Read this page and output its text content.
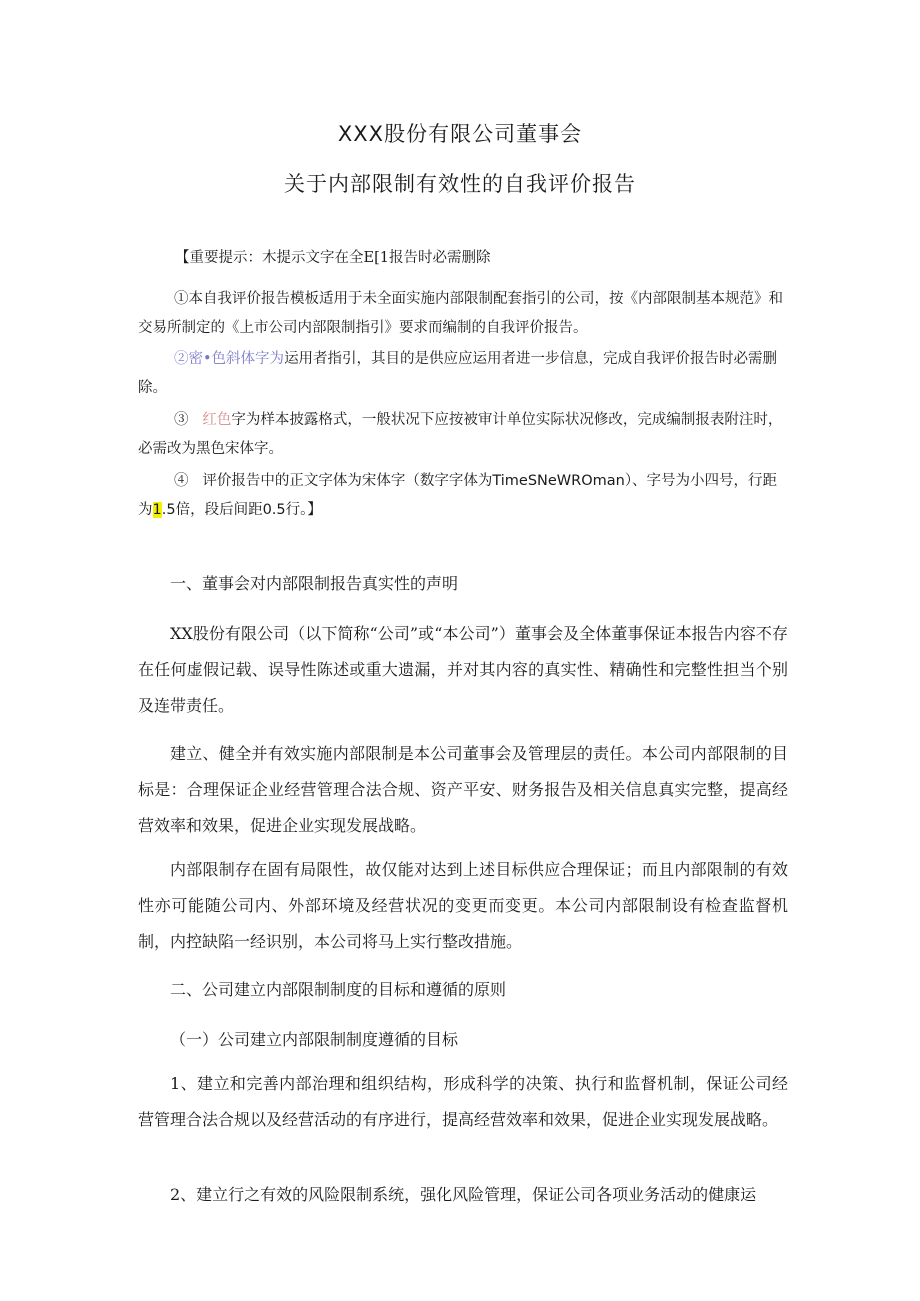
XXX股份有限公司董事会
关于内部限制有效性的自我评价报告
【重要提示：木提示文字在全E[1报告时必需删除
①本自我评价报告模板适用于未全面实施内部限制配套指引的公司，按《内部限制基本规范》和交易所制定的《上市公司内部限制指引》要求而编制的自我评价报告。
②密•色斜体字为运用者指引，其目的是供应应运用者进一步信息，完成自我评价报告时必需删除。
③ 红色字为样本披露格式，一般状况下应按被审计单位实际状况修改，完成编制报表附注时，必需改为黑色宋体字。
④ 评价报告中的正文字体为宋体字（数字字体为TimeSNeWROman）、字号为小四号，行距为1.5倍，段后间距0.5行。】
一、董事会对内部限制报告真实性的声明
XX股份有限公司（以下简称“公司”或“本公司”）董事会及全体董事保证本报告内容不存在任何虚假记载、误导性陈述或重大遗漏，并对其内容的真实性、精确性和完整性担当个别及连带责任。
建立、健全并有效实施内部限制是本公司董事会及管理层的责任。本公司内部限制的目标是：合理保证企业经营管理合法合规、资产平安、财务报告及相关信息真实完整，提高经营效率和效果，促进企业实现发展战略。
内部限制存在固有局限性，故仅能对达到上述目标供应合理保证；而且内部限制的有效性亦可能随公司内、外部环境及经营状况的变更而变更。本公司内部限制设有检查监督机制，内控缺陷一经识别，本公司将马上实行整改措施。
二、公司建立内部限制制度的目标和遵循的原则
（一）公司建立内部限制制度遵循的目标
1、建立和完善内部治理和组织结构，形成科学的决策、执行和监督机制，保证公司经营管理合法合规以及经营活动的有序进行，提高经营效率和效果，促进企业实现发展战略。
2、建立行之有效的风险限制系统，强化风险管理，保证公司各项业务活动的健康运
